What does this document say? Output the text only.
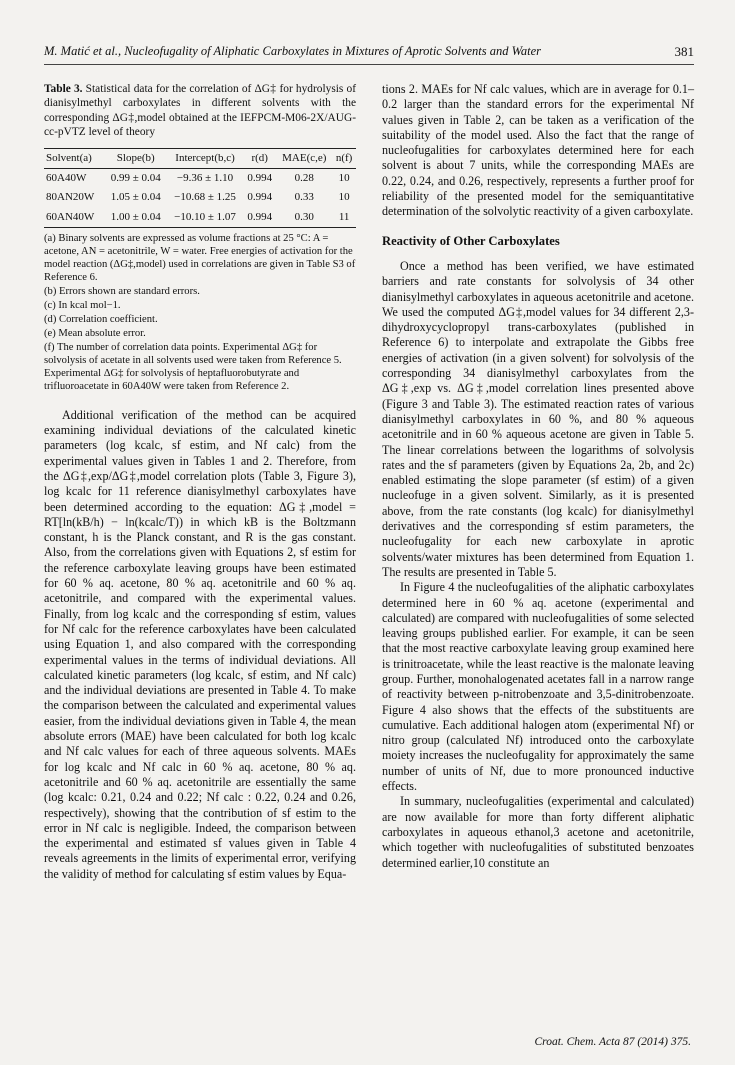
M. Matić et al., Nucleofugality of Aliphatic Carboxylates in Mixtures of Aprotic Solvents and Water	381

Table 3. Statistical data for the correlation of ΔG‡ for hydrolysis of dianisylmethyl carboxylates in different solvents with the corresponding ΔG‡,model obtained at the IEFPCM-M06-2X/AUG-cc-pVTZ level of theory

Solvent(a)	Slope(b)	Intercept(b,c)	r(d)	MAE(c,e)	n(f)
60A40W	0.99 ± 0.04	−9.36 ± 1.10	0.994	0.28	10
80AN20W	1.05 ± 0.04	−10.68 ± 1.25	0.994	0.33	10
60AN40W	1.00 ± 0.04	−10.10 ± 1.07	0.994	0.30	11

(a) Binary solvents are expressed as volume fractions at 25 °C: A = acetone, AN = acetonitrile, W = water. Free energies of activation for the model reaction (ΔG‡,model) used in correlations are given in Table S3 of Reference 6.

(b) Errors shown are standard errors.

(c) In kcal mol−1.

(d) Correlation coefficient.

(e) Mean absolute error.

(f) The number of correlation data points. Experimental ΔG‡ for solvolysis of acetate in all solvents used were taken from Reference 5. Experimental ΔG‡ for solvolysis of heptafluorobutyrate and trifluoroacetate in 60A40W were taken from Reference 2.

Additional verification of the method can be acquired examining individual deviations of the calculated kinetic parameters (log kcalc, sf estim, and Nf calc) from the experimental values given in Tables 1 and 2. Therefore, from the ΔG‡,exp/ΔG‡,model correlation plots (Table 3, Figure 3), log kcalc for 11 reference dianisylmethyl carboxylates have been determined according to the equation: ΔG‡,model = RT[ln(kB/h) − ln(kcalc/T)) in which kB is the Boltzmann constant, h is the Planck constant, and R is the gas constant. Also, from the correlations given with Equations 2, sf estim for the reference carboxylate leaving groups have been estimated for 60 % aq. acetone, 80 % aq. acetonitrile and 60 % aq. acetonitrile, and compared with the experimental values. Finally, from log kcalc and the corresponding sf estim, values for Nf calc for the reference carboxylates have been calculated using Equation 1, and also compared with the corresponding experimental values in the terms of individual deviations. All calculated kinetic parameters (log kcalc, sf estim, and Nf calc) and the individual deviations are presented in Table 4. To make the comparison between the calculated and experimental values easier, from the individual deviations given in Table 4, the mean absolute errors (MAE) have been calculated for both log kcalc and Nf calc values for each of three aqueous solvents. MAEs for log kcalc and Nf calc in 60 % aq. acetone, 80 % aq. acetonitrile and 60 % aq. acetonitrile are essentially the same (log kcalc: 0.21, 0.24 and 0.22; Nf calc : 0.22, 0.24 and 0.26, respectively), showing that the contribution of sf estim to the error in Nf calc is negligible. Indeed, the comparison between the experimental and estimated sf values given in Table 4 reveals agreements in the limits of experimental error, verifying the validity of method for calculating sf estim values by Equa-

tions 2. MAEs for Nf calc values, which are in average for 0.1–0.2 larger than the standard errors for the experimental Nf values given in Table 2, can be taken as a verification of the suitability of the model used. Also the fact that the range of nucleofugalities for carboxylates determined here for each solvent is about 7 units, while the corresponding MAEs are 0.22, 0.24, and 0.26, respectively, represents a further proof for reliability of the presented model for the semiquantitative determination of the solvolytic reactivity of a given carboxylate.

Reactivity of Other Carboxylates

Once a method has been verified, we have estimated barriers and rate constants for solvolysis of 34 other dianisylmethyl carboxylates in aqueous acetonitrile and acetone. We used the computed ΔG‡,model values for 34 different 2,3-dihydroxycyclopropyl trans-carboxylates (published in Reference 6) to interpolate and extrapolate the Gibbs free energies of activation (in a given solvent) for solvolysis of the corresponding 34 dianisylmethyl carboxylates from the ΔG‡,exp vs. ΔG‡,model correlation lines presented above (Figure 3 and Table 3). The estimated reaction rates of various dianisylmethyl carboxylates in 60 %, and 80 % aqueous acetonitrile and in 60 % aqueous acetone are given in Table 5. The linear correlations between the logarithms of solvolysis rates and the sf parameters (given by Equations 2a, 2b, and 2c) enabled estimating the slope parameter (sf estim) of a given nucleofuge in a given solvent. Similarly, as it is presented above, from the rate constants (log kcalc) for dianisylmethyl derivatives and the corresponding sf estim parameters, the nucleofugality for each new carboxylate in aprotic solvents/water mixtures has been determined from Equation 1. The results are presented in Table 5.

In Figure 4 the nucleofugalities of the aliphatic carboxylates determined here in 60 % aq. acetone (experimental and calculated) are compared with nucleofugalities of some selected leaving groups published earlier. For example, it can be seen that the most reactive carboxylate leaving group examined here is trinitroacetate, while the least reactive is the malonate leaving group. Further, monohalogenated acetates fall in a narrow range of reactivity between p-nitrobenzoate and 3,5-dinitrobenzoate. Figure 4 also shows that the effects of the substituents are cumulative. Each additional halogen atom (experimental Nf) or nitro group (calculated Nf) introduced onto the carboxylate moiety increases the nucleofugality for approximately the same number of units of Nf, due to more pronounced inductive effects.

In summary, nucleofugalities (experimental and calculated) are now available for more than forty different aliphatic carboxylates in aqueous ethanol,3 acetone and acetonitrile, which together with nucleofugalities of substituted benzoates determined earlier,10 constitute an

Croat. Chem. Acta 87 (2014) 375.
